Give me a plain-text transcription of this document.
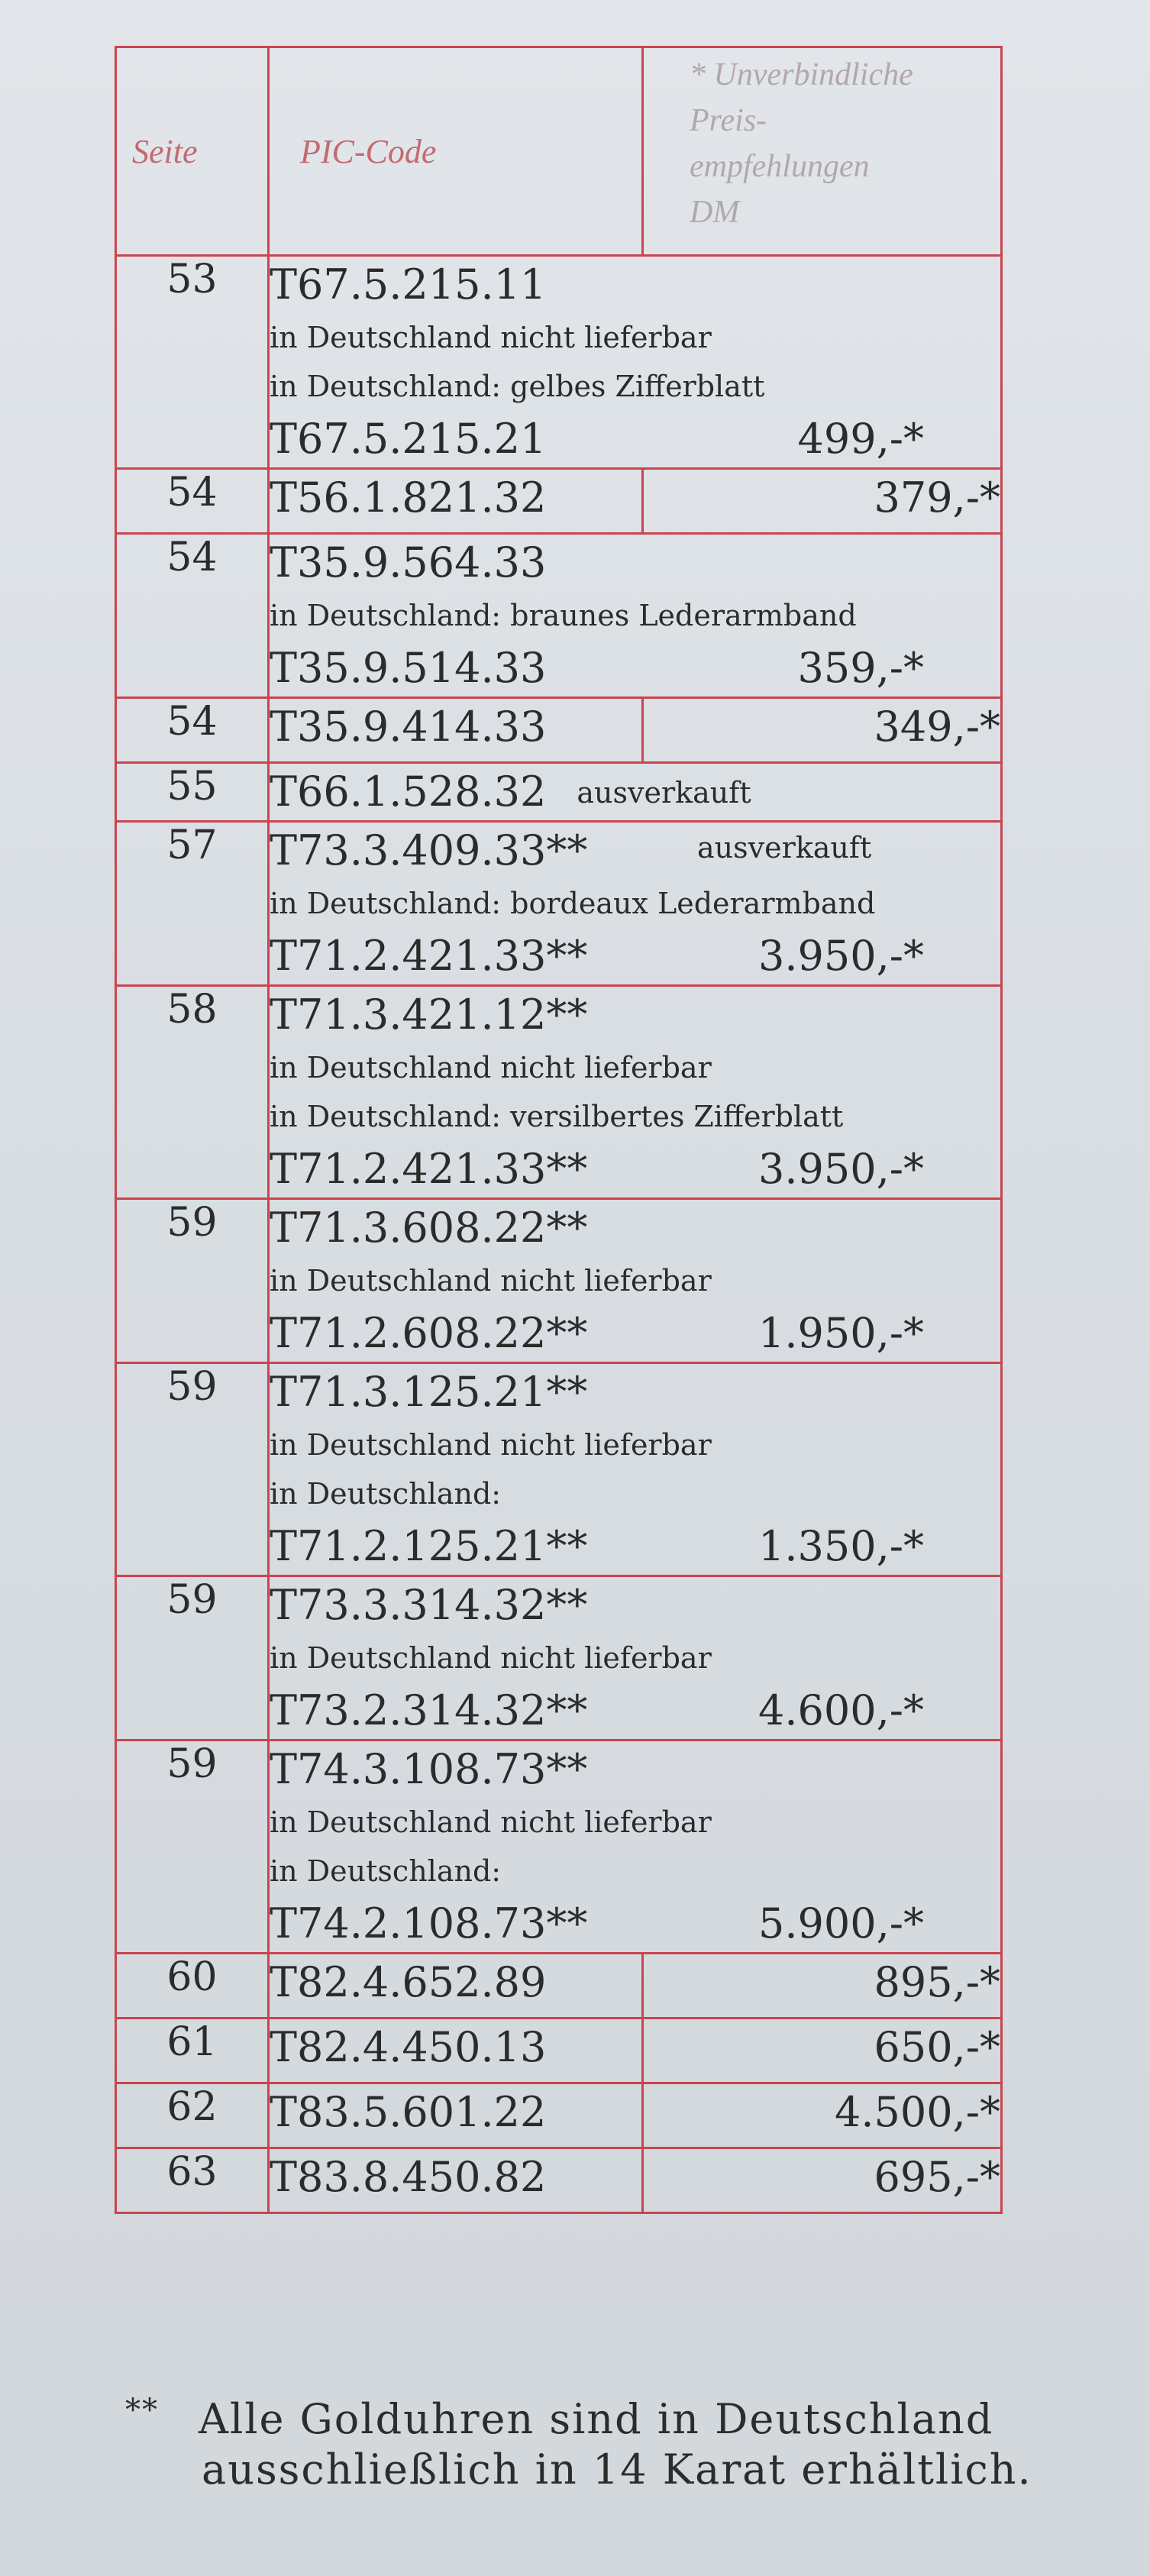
Seite	PIC-Code	* Unverbindliche
Preis-
empfehlungen
DM

53	T67.5.215.11
in Deutschland nicht lieferbar
in Deutschland: gelbes Zifferblatt
T67.5.215.21 499,-*	

54	T56.1.821.32	379,-*
54	T35.9.564.33
in Deutschland: braunes Lederarmband
T35.9.514.33 359,-*	

54	T35.9.414.33	349,-*
55	T66.1.528.32 ausverkauft	

57	T73.3.409.33** ausverkauft
in Deutschland: bordeaux Lederarmband
T71.2.421.33** 3.950,-*	

58	T71.3.421.12**
in Deutschland nicht lieferbar
in Deutschland: versilbertes Zifferblatt
T71.2.421.33** 3.950,-*	

59	T71.3.608.22**
in Deutschland nicht lieferbar
T71.2.608.22** 1.950,-*	

59	T71.3.125.21**
in Deutschland nicht lieferbar
in Deutschland:
T71.2.125.21** 1.350,-*	

59	T73.3.314.32**
in Deutschland nicht lieferbar
T73.2.314.32** 4.600,-*	

59	T74.3.108.73**
in Deutschland nicht lieferbar
in Deutschland:
T74.2.108.73** 5.900,-*	

60	T82.4.652.89	895,-*
61	T82.4.450.13	650,-*
62	T83.5.601.22	4.500,-*
63	T83.8.450.82	695,-*
** Alle Golduhren sind in Deutschland
ausschließlich in 14 Karat erhältlich.
